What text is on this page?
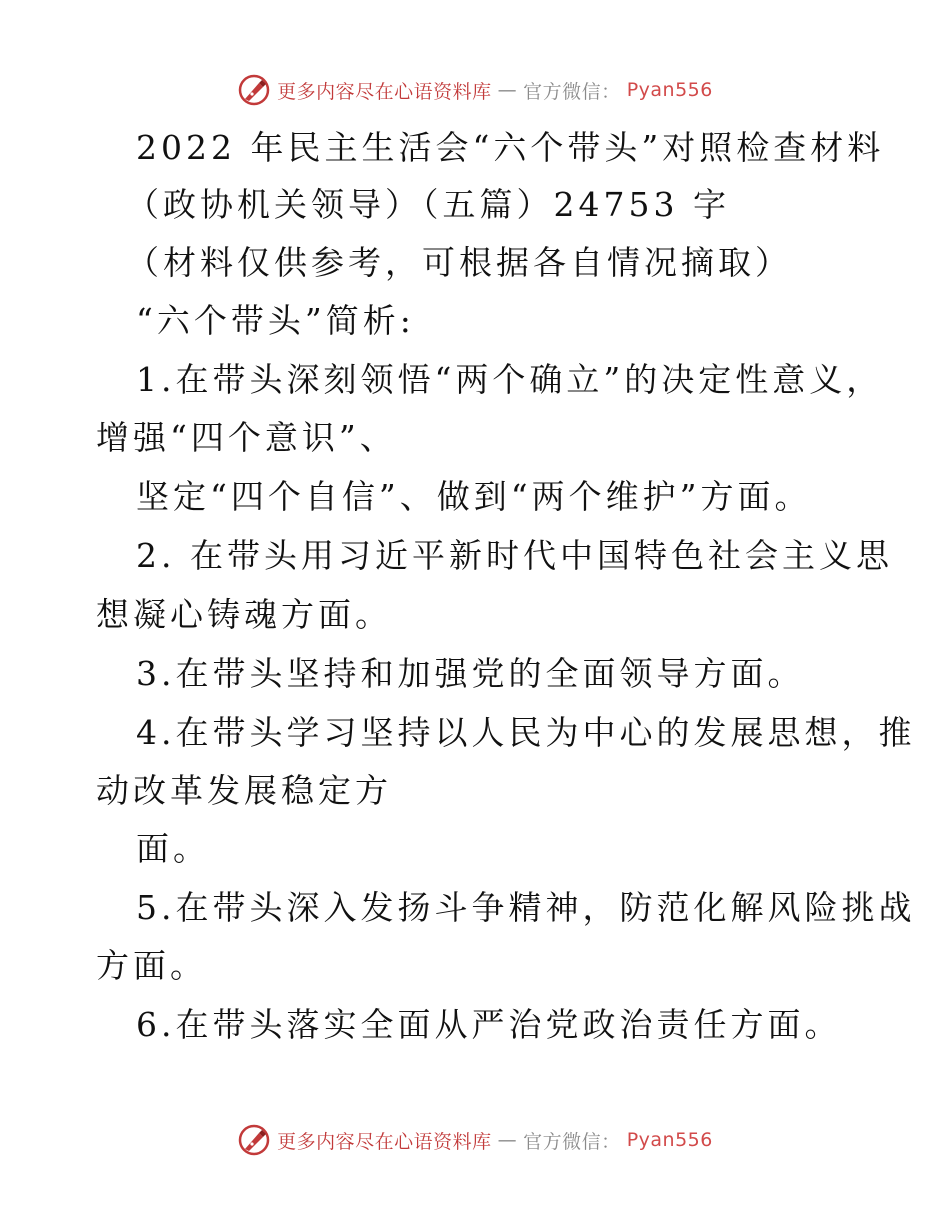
更多内容尽在心语资料库 — 官方微信： Pyan556
2022 年民主生活会“六个带头”对照检查材料
（政协机关领导）（五篇）24753 字
（材料仅供参考，可根据各自情况摘取）
“六个带头”简析:
1.在带头深刻领悟“两个确立”的决定性意义，
增强“四个意识”、
坚定“四个自信”、做到“两个维护”方面。
2. 在带头用习近平新时代中国特色社会主义思
想凝心铸魂方面。
3.在带头坚持和加强党的全面领导方面。
4.在带头学习坚持以人民为中心的发展思想，推
动改革发展稳定方
面。
5.在带头深入发扬斗争精神，防范化解风险挑战
方面。
6.在带头落实全面从严治党政治责任方面。
更多内容尽在心语资料库 — 官方微信： Pyan556
